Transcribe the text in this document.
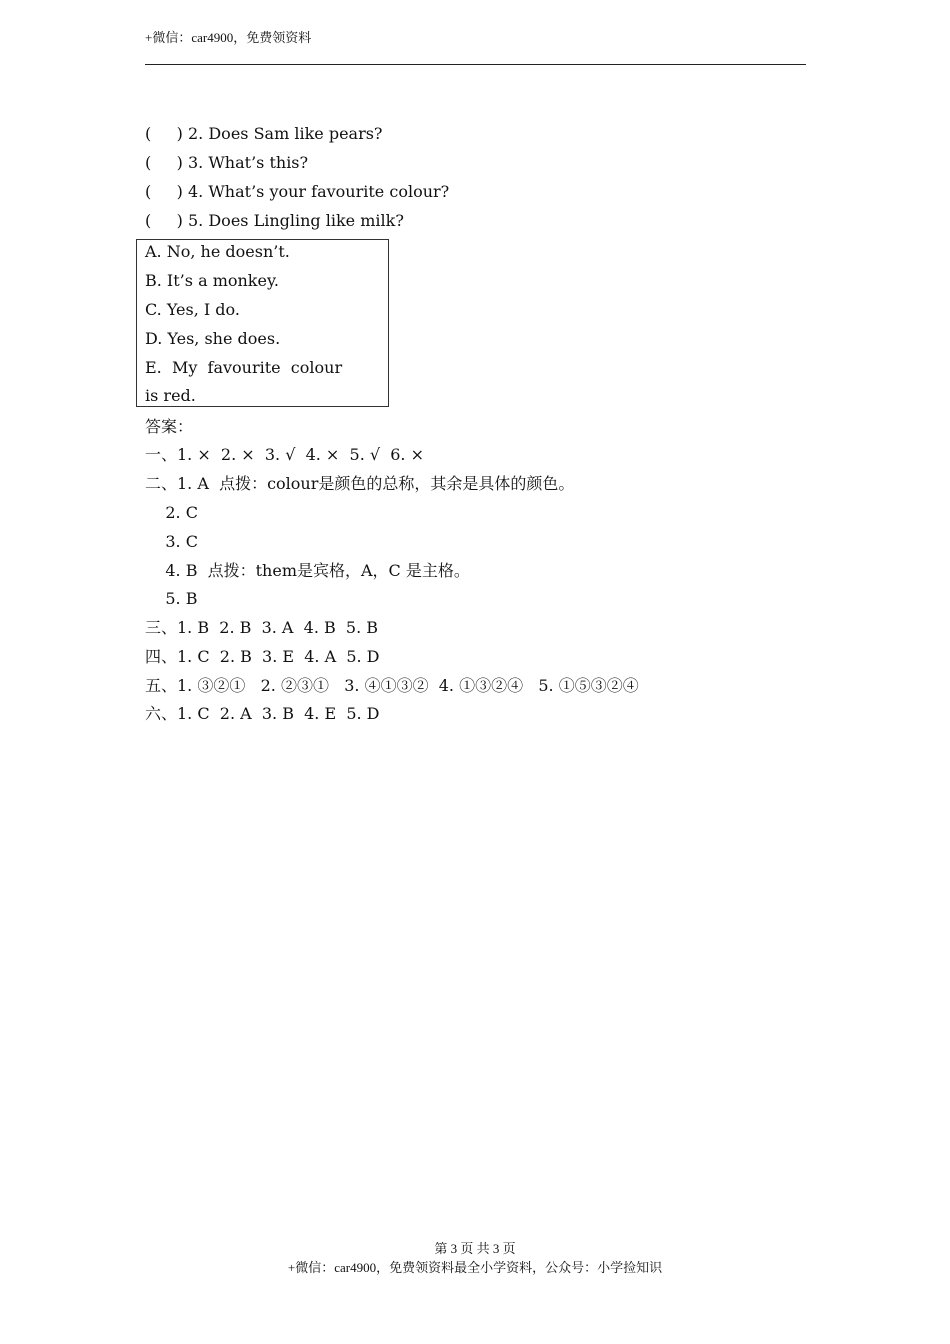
+微信：car4900，免费领资料
(     ) 2. Does Sam like pears?
(     ) 3. What’s this?
(     ) 4. What’s your favourite colour?
(     ) 5. Does Lingling like milk?
A. No, he doesn’t.
B. It’s a monkey.
C. Yes, I do.
D. Yes, she does.
E.  My  favourite  colour
is red.
答案：
一、1. ×  2. ×  3. √  4. ×  5. √  6. ×
二、1. A  点拨：colour是颜色的总称，其余是具体的颜色。
2. C
3. C
4. B  点拨：them是宾格，A，C 是主格。
5. B
三、1. B  2. B  3. A  4. B  5. B
四、1. C  2. B  3. E  4. A  5. D
五、1. ③②①   2. ②③①   3. ④①③②  4. ①③②④   5. ①⑤③②④
六、1. C  2. A  3. B  4. E  5. D
第 3 页 共 3 页
+微信：car4900，免费领资料最全小学资料，公众号：小学捡知识
